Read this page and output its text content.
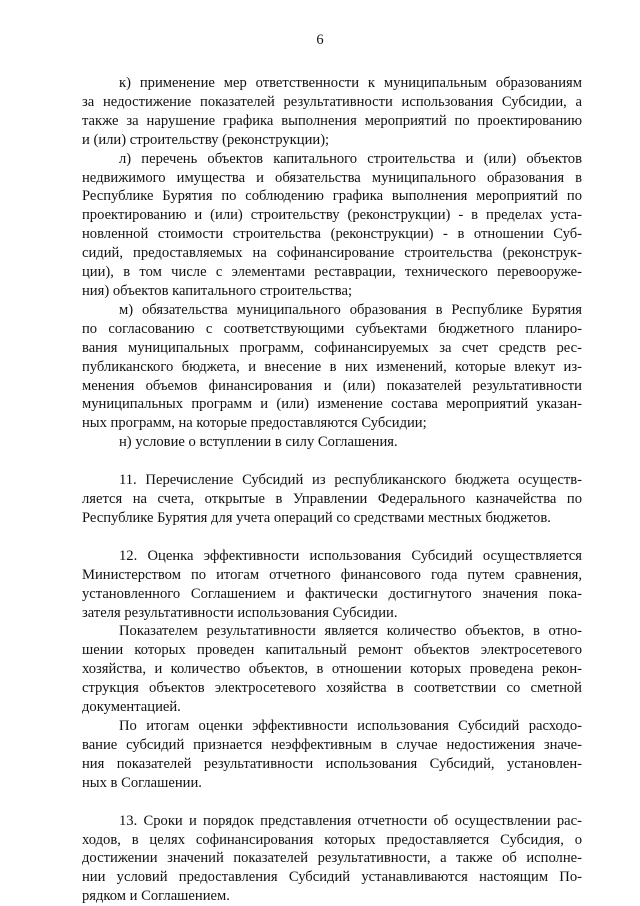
6
к) применение мер ответственности к муниципальным образованиям
за недостижение показателей результативности использования Субсидии, а
также за нарушение графика выполнения мероприятий по проектированию
и (или) строительству (реконструкции);
л) перечень объектов капитального строительства и (или) объектов
недвижимого имущества и обязательства муниципального образования в
Республике Бурятия по соблюдению графика выполнения мероприятий по
проектированию и (или) строительству (реконструкции) - в пределах уста-
новленной стоимости строительства (реконструкции) - в отношении Суб-
сидий, предоставляемых на софинансирование строительства (реконструк-
ции), в том числе с элементами реставрации, технического перевооруже-
ния) объектов капитального строительства;
м) обязательства муниципального образования в Республике Бурятия
по согласованию с соответствующими субъектами бюджетного планиро-
вания муниципальных программ, софинансируемых за счет средств рес-
публиканского бюджета, и внесение в них изменений, которые влекут из-
менения объемов финансирования и (или) показателей результативности
муниципальных программ и (или) изменение состава мероприятий указан-
ных программ, на которые предоставляются Субсидии;
н) условие о вступлении в силу Соглашения.
11. Перечисление Субсидий из республиканского бюджета осуществ-
ляется на счета, открытые в Управлении Федерального казначейства по
Республике Бурятия для учета операций со средствами местных бюджетов.
12. Оценка эффективности использования Субсидий осуществляется
Министерством по итогам отчетного финансового года путем сравнения,
установленного Соглашением и фактически достигнутого значения пока-
зателя результативности использования Субсидии.
Показателем результативности является количество объектов, в отно-
шении которых проведен капитальный ремонт объектов электросетевого
хозяйства, и количество объектов, в отношении которых проведена рекон-
струкция объектов электросетевого хозяйства в соответствии со сметной
документацией.
По итогам оценки эффективности использования Субсидий расходо-
вание субсидий признается неэффективным в случае недостижения значе-
ния показателей результативности использования Субсидий, установлен-
ных в Соглашении.
13. Сроки и порядок представления отчетности об осуществлении рас-
ходов, в целях софинансирования которых предоставляется Субсидия, о
достижении значений показателей результативности, а также об исполне-
нии условий предоставления Субсидий устанавливаются настоящим По-
рядком и Соглашением.
